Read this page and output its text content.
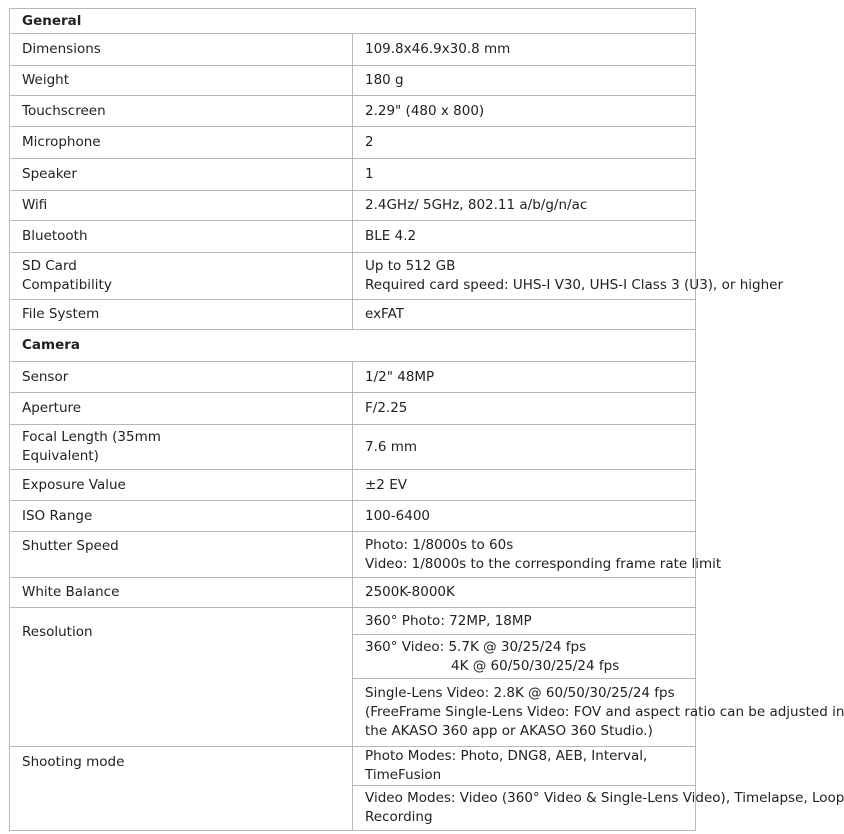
General	
Dimensions	109.8x46.9x30.8 mm
Weight	180 g
Touchscreen	2.29" (480 x 800)
Microphone	2
Speaker	1
Wifi	2.4GHz/ 5GHz, 802.11 a/b/g/n/ac
Bluetooth	BLE 4.2

SD Card
Compatibility	Up to 512 GB
Required card speed: UHS-I V30, UHS-I Class 3 (U3), or higher

File System	exFAT
Camera	
Sensor	1/2" 48MP
Aperture	F/2.25

Focal Length (35mm
Equivalent)	7.6 mm
Exposure Value	±2 EV
ISO Range	100-6400
Shutter Speed	Photo: 1/8000s to 60s
Video: 1/8000s to the corresponding frame rate limit

White Balance	2500K-8000K
Resolution	360° Photo: 72MP, 18MP

	360° Video: 5.7K @ 30/25/24 fps
4K @ 60/50/30/25/24 fps

	Single-Lens Video: 2.8K @ 60/50/30/25/24 fps
(FreeFrame Single-Lens Video: FOV and aspect ratio can be adjusted in
the AKASO 360 app or AKASO 360 Studio.)

Shooting mode	Photo Modes: Photo, DNG8, AEB, Interval, TimeFusion

	Video Modes: Video (360° Video & Single-Lens Video), Timelapse, Loop
Recording
